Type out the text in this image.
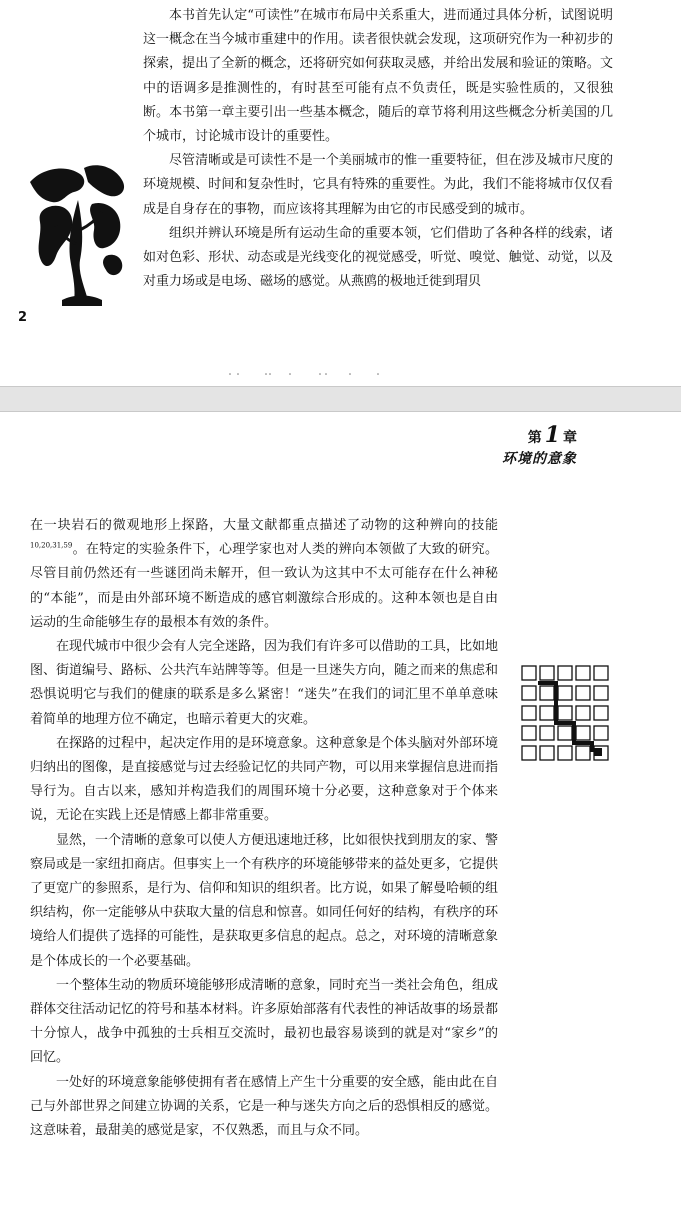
本书首先认定“可读性”在城市布局中关系重大，进而通过具体分析，试图说明这一概念在当今城市重建中的作用。读者很快就会发现，这项研究作为一种初步的探索，提出了全新的概念，还将研究如何获取灵感，并给出发展和验证的策略。文中的语调多是推测性的，有时甚至可能有点不负责任，既是实验性质的，又很独断。本书第一章主要引出一些基本概念，随后的章节将利用这些概念分析美国的几个城市，讨论城市设计的重要性。

尽管清晰或是可读性不是一个美丽城市的惟一重要特征，但在涉及城市尺度的环境规模、时间和复杂性时，它具有特殊的重要性。为此，我们不能将城市仅仅看成是自身存在的事物，而应该将其理解为由它的市民感受到的城市。

组织并辨认环境是所有运动生命的重要本领，它们借助了各种各样的线索，诸如对色彩、形状、动态或是光线变化的视觉感受，听觉、嗅觉、触觉、动觉，以及对重力场或是电场、磁场的感觉。从燕鸥的极地迁徙到瑁贝

2
第 1 章
环境的意象

在一块岩石的微观地形上探路，大量文献都重点描述了动物的这种辨向的技能$^{10,20,31,59}$。在特定的实验条件下，心理学家也对人类的辨向本领做了大致的研究。尽管目前仍然还有一些谜团尚未解开，但一致认为这其中不太可能存在什么神秘的“本能”，而是由外部环境不断造成的感官刺激综合形成的。这种本领也是自由运动的生命能够生存的最根本有效的条件。

在现代城市中很少会有人完全迷路，因为我们有许多可以借助的工具，比如地图、街道编号、路标、公共汽车站牌等等。但是一旦迷失方向，随之而来的焦虑和恐惧说明它与我们的健康的联系是多么紧密！“迷失”在我们的词汇里不单单意味着简单的地理方位不确定，也暗示着更大的灾难。

在探路的过程中，起决定作用的是环境意象。这种意象是个体头脑对外部环境归纳出的图像，是直接感觉与过去经验记忆的共同产物，可以用来掌握信息进而指导行为。自古以来，感知并构造我们的周围环境十分必要，这种意象对于个体来说，无论在实践上还是情感上都非常重要。

显然，一个清晰的意象可以使人方便迅速地迁移，比如很快找到朋友的家、警察局或是一家纽扣商店。但事实上一个有秩序的环境能够带来的益处更多，它提供了更宽广的参照系，是行为、信仰和知识的组织者。比方说，如果了解曼哈顿的组织结构，你一定能够从中获取大量的信息和惊喜。如同任何好的结构，有秩序的环境给人们提供了选择的可能性，是获取更多信息的起点。总之，对环境的清晰意象是个体成长的一个必要基础。

一个整体生动的物质环境能够形成清晰的意象，同时充当一类社会角色，组成群体交往活动记忆的符号和基本材料。许多原始部落有代表性的神话故事的场景都十分惊人，战争中孤独的士兵相互交流时，最初也最容易谈到的就是对“家乡”的回忆。

一处好的环境意象能够使拥有者在感情上产生十分重要的安全感，能由此在自己与外部世界之间建立协调的关系，它是一种与迷失方向之后的恐惧相反的感觉。这意味着，最甜美的感觉是家，不仅熟悉，而且与众不同。
